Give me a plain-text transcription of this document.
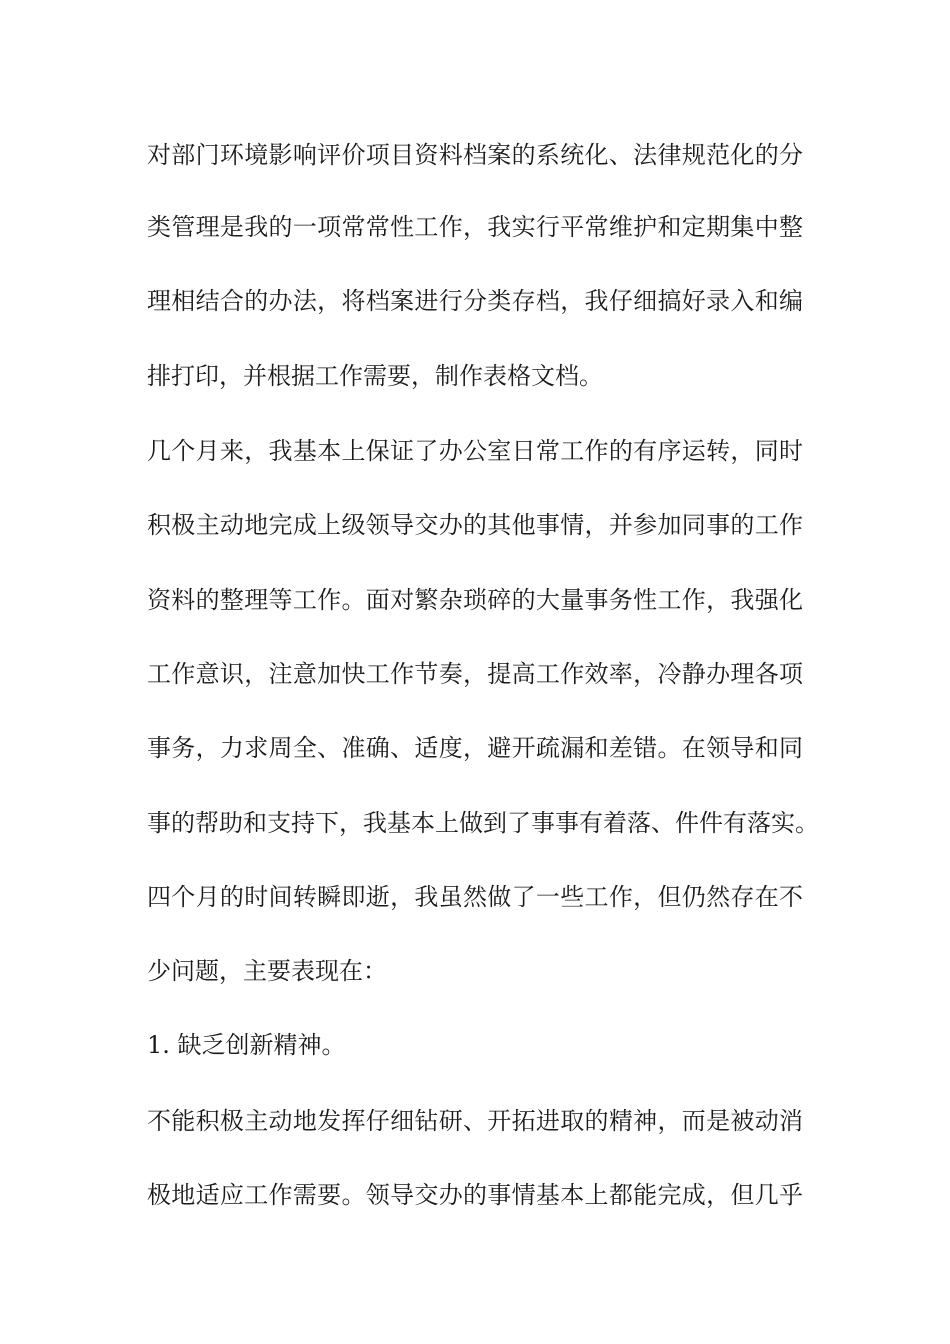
对部门环境影响评价项目资料档案的系统化、法律规范化的分
类管理是我的一项常常性工作，我实行平常维护和定期集中整
理相结合的办法，将档案进行分类存档，我仔细搞好录入和编
排打印，并根据工作需要，制作表格文档。
几个月来，我基本上保证了办公室日常工作的有序运转，同时
积极主动地完成上级领导交办的其他事情，并参加同事的工作
资料的整理等工作。面对繁杂琐碎的大量事务性工作，我强化
工作意识，注意加快工作节奏，提高工作效率，冷静办理各项
事务，力求周全、准确、适度，避开疏漏和差错。在领导和同
事的帮助和支持下，我基本上做到了事事有着落、件件有落实。
四个月的时间转瞬即逝，我虽然做了一些工作，但仍然存在不
少问题，主要表现在：
1. 缺乏创新精神。
不能积极主动地发挥仔细钻研、开拓进取的精神，而是被动消
极地适应工作需要。领导交办的事情基本上都能完成，但几乎
